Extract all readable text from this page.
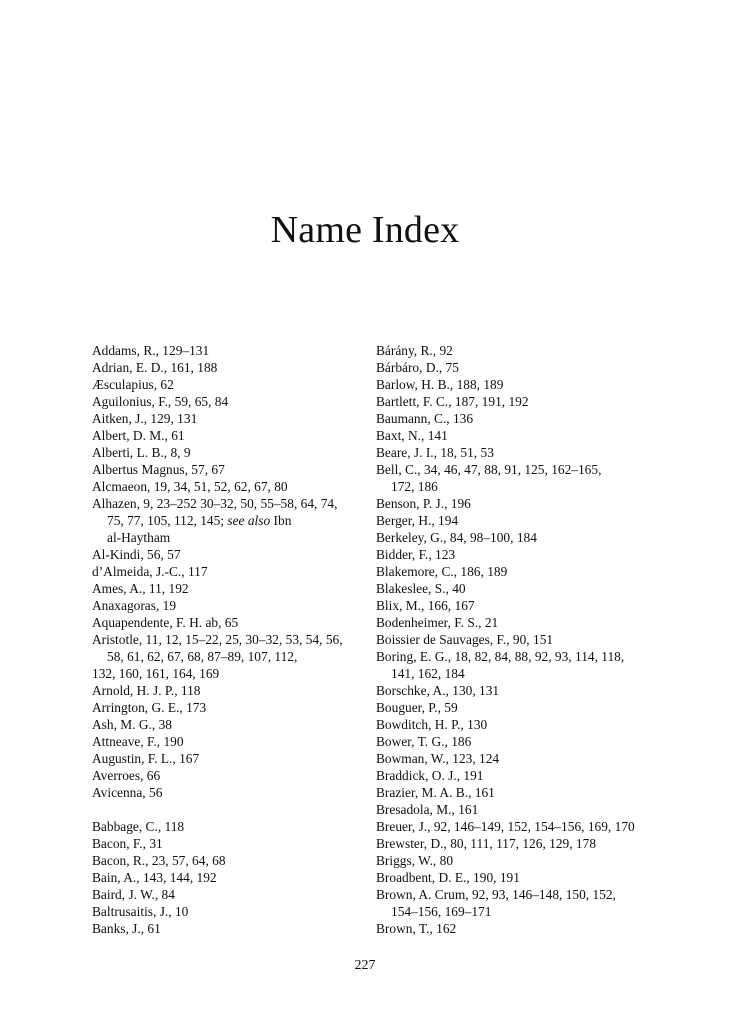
Name Index
Addams, R., 129–131
Adrian, E. D., 161, 188
Æsculapius, 62
Aguilonius, F., 59, 65, 84
Aitken, J., 129, 131
Albert, D. M., 61
Alberti, L. B., 8, 9
Albertus Magnus, 57, 67
Alcmaeon, 19, 34, 51, 52, 62, 67, 80
Alhazen, 9, 23–252 30–32, 50, 55–58, 64, 74,
75, 77, 105, 112, 145; see also Ibn
al-Haytham
Al-Kindi, 56, 57
d’Almeida, J.-C., 117
Ames, A., 11, 192
Anaxagoras, 19
Aquapendente, F. H. ab, 65
Aristotle, 11, 12, 15–22, 25, 30–32, 53, 54, 56,
58, 61, 62, 67, 68, 87–89, 107, 112,
132, 160, 161, 164, 169
Arnold, H. J. P., 118
Arrington, G. E., 173
Ash, M. G., 38
Attneave, F., 190
Augustin, F. L., 167
Averroes, 66
Avicenna, 56
Babbage, C., 118
Bacon, F., 31
Bacon, R., 23, 57, 64, 68
Bain, A., 143, 144, 192
Baird, J. W., 84
Baltrusaitis, J., 10
Banks, J., 61
Bárány, R., 92
Bárbáro, D., 75
Barlow, H. B., 188, 189
Bartlett, F. C., 187, 191, 192
Baumann, C., 136
Baxt, N., 141
Beare, J. I., 18, 51, 53
Bell, C., 34, 46, 47, 88, 91, 125, 162–165,
172, 186
Benson, P. J., 196
Berger, H., 194
Berkeley, G., 84, 98–100, 184
Bidder, F., 123
Blakemore, C., 186, 189
Blakeslee, S., 40
Blix, M., 166, 167
Bodenheimer, F. S., 21
Boissier de Sauvages, F., 90, 151
Boring, E. G., 18, 82, 84, 88, 92, 93, 114, 118,
141, 162, 184
Borschke, A., 130, 131
Bouguer, P., 59
Bowditch, H. P., 130
Bower, T. G., 186
Bowman, W., 123, 124
Braddick, O. J., 191
Brazier, M. A. B., 161
Bresadola, M., 161
Breuer, J., 92, 146–149, 152, 154–156, 169, 170
Brewster, D., 80, 111, 117, 126, 129, 178
Briggs, W., 80
Broadbent, D. E., 190, 191
Brown, A. Crum, 92, 93, 146–148, 150, 152,
154–156, 169–171
Brown, T., 162
227
